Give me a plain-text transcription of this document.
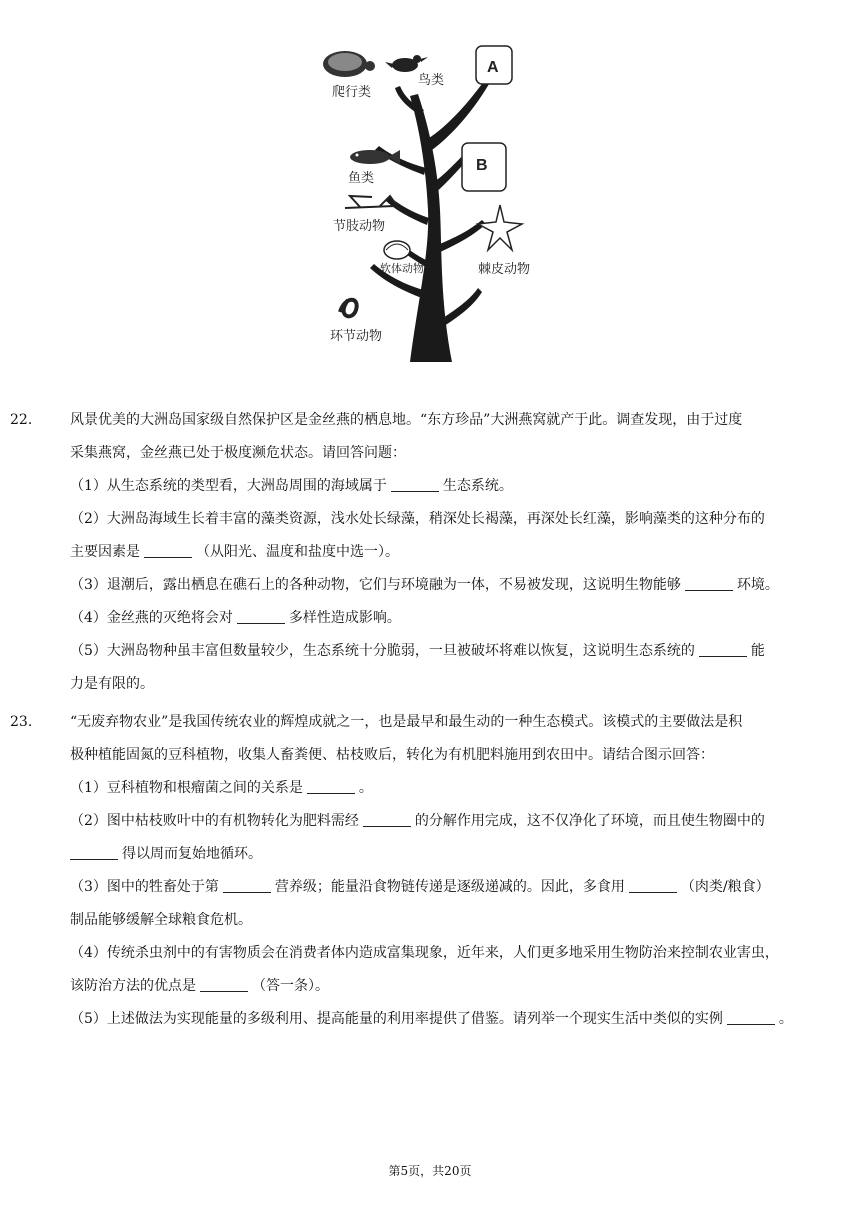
A
B
爬行类
鸟类
鱼类
节肢动物
软体动物	棘皮动物
环节动物

22.	风景优美的大洲岛国家级自然保护区是金丝燕的栖息地。“东方珍品”大洲燕窝就产于此。调查发现，由于过度

采集燕窝，金丝燕已处于极度濒危状态。请回答问题：

（1）从生态系统的类型看，大洲岛周围的海域属于	生态系统。

（2）大洲岛海域生长着丰富的藻类资源，浅水处长绿藻，稍深处长褐藻，再深处长红藻，影响藻类的这种分布的

主要因素是	（从阳光、温度和盐度中选一）。

（3）退潮后，露出栖息在礁石上的各种动物，它们与环境融为一体，不易被发现，这说明生物能够	环境。

（4）金丝燕的灭绝将会对	多样性造成影响。

（5）大洲岛物种虽丰富但数量较少，生态系统十分脆弱，一旦被破坏将难以恢复，这说明生态系统的	能

力是有限的。

23.	“无废弃物农业”是我国传统农业的辉煌成就之一，也是最早和最生动的一种生态模式。该模式的主要做法是积

极种植能固氮的豆科植物，收集人畜粪便、枯枝败后，转化为有机肥料施用到农田中。请结合图示回答：

（1）豆科植物和根瘤菌之间的关系是	。

（2）图中枯枝败叶中的有机物转化为肥料需经	的分解作用完成，这不仅净化了环境，而且使生物圈中的

得以周而复始地循环。

（3）图中的牲畜处于第	营养级；能量沿食物链传递是逐级递减的。因此，多食用	（肉类/粮食）

制品能够缓解全球粮食危机。

（4）传统杀虫剂中的有害物质会在消费者体内造成富集现象，近年来，人们更多地采用生物防治来控制农业害虫，

该防治方法的优点是	（答一条）。

（5）上述做法为实现能量的多级利用、提高能量的利用率提供了借鉴。请列举一个现实生活中类似的实例	。

第5页，共20页
